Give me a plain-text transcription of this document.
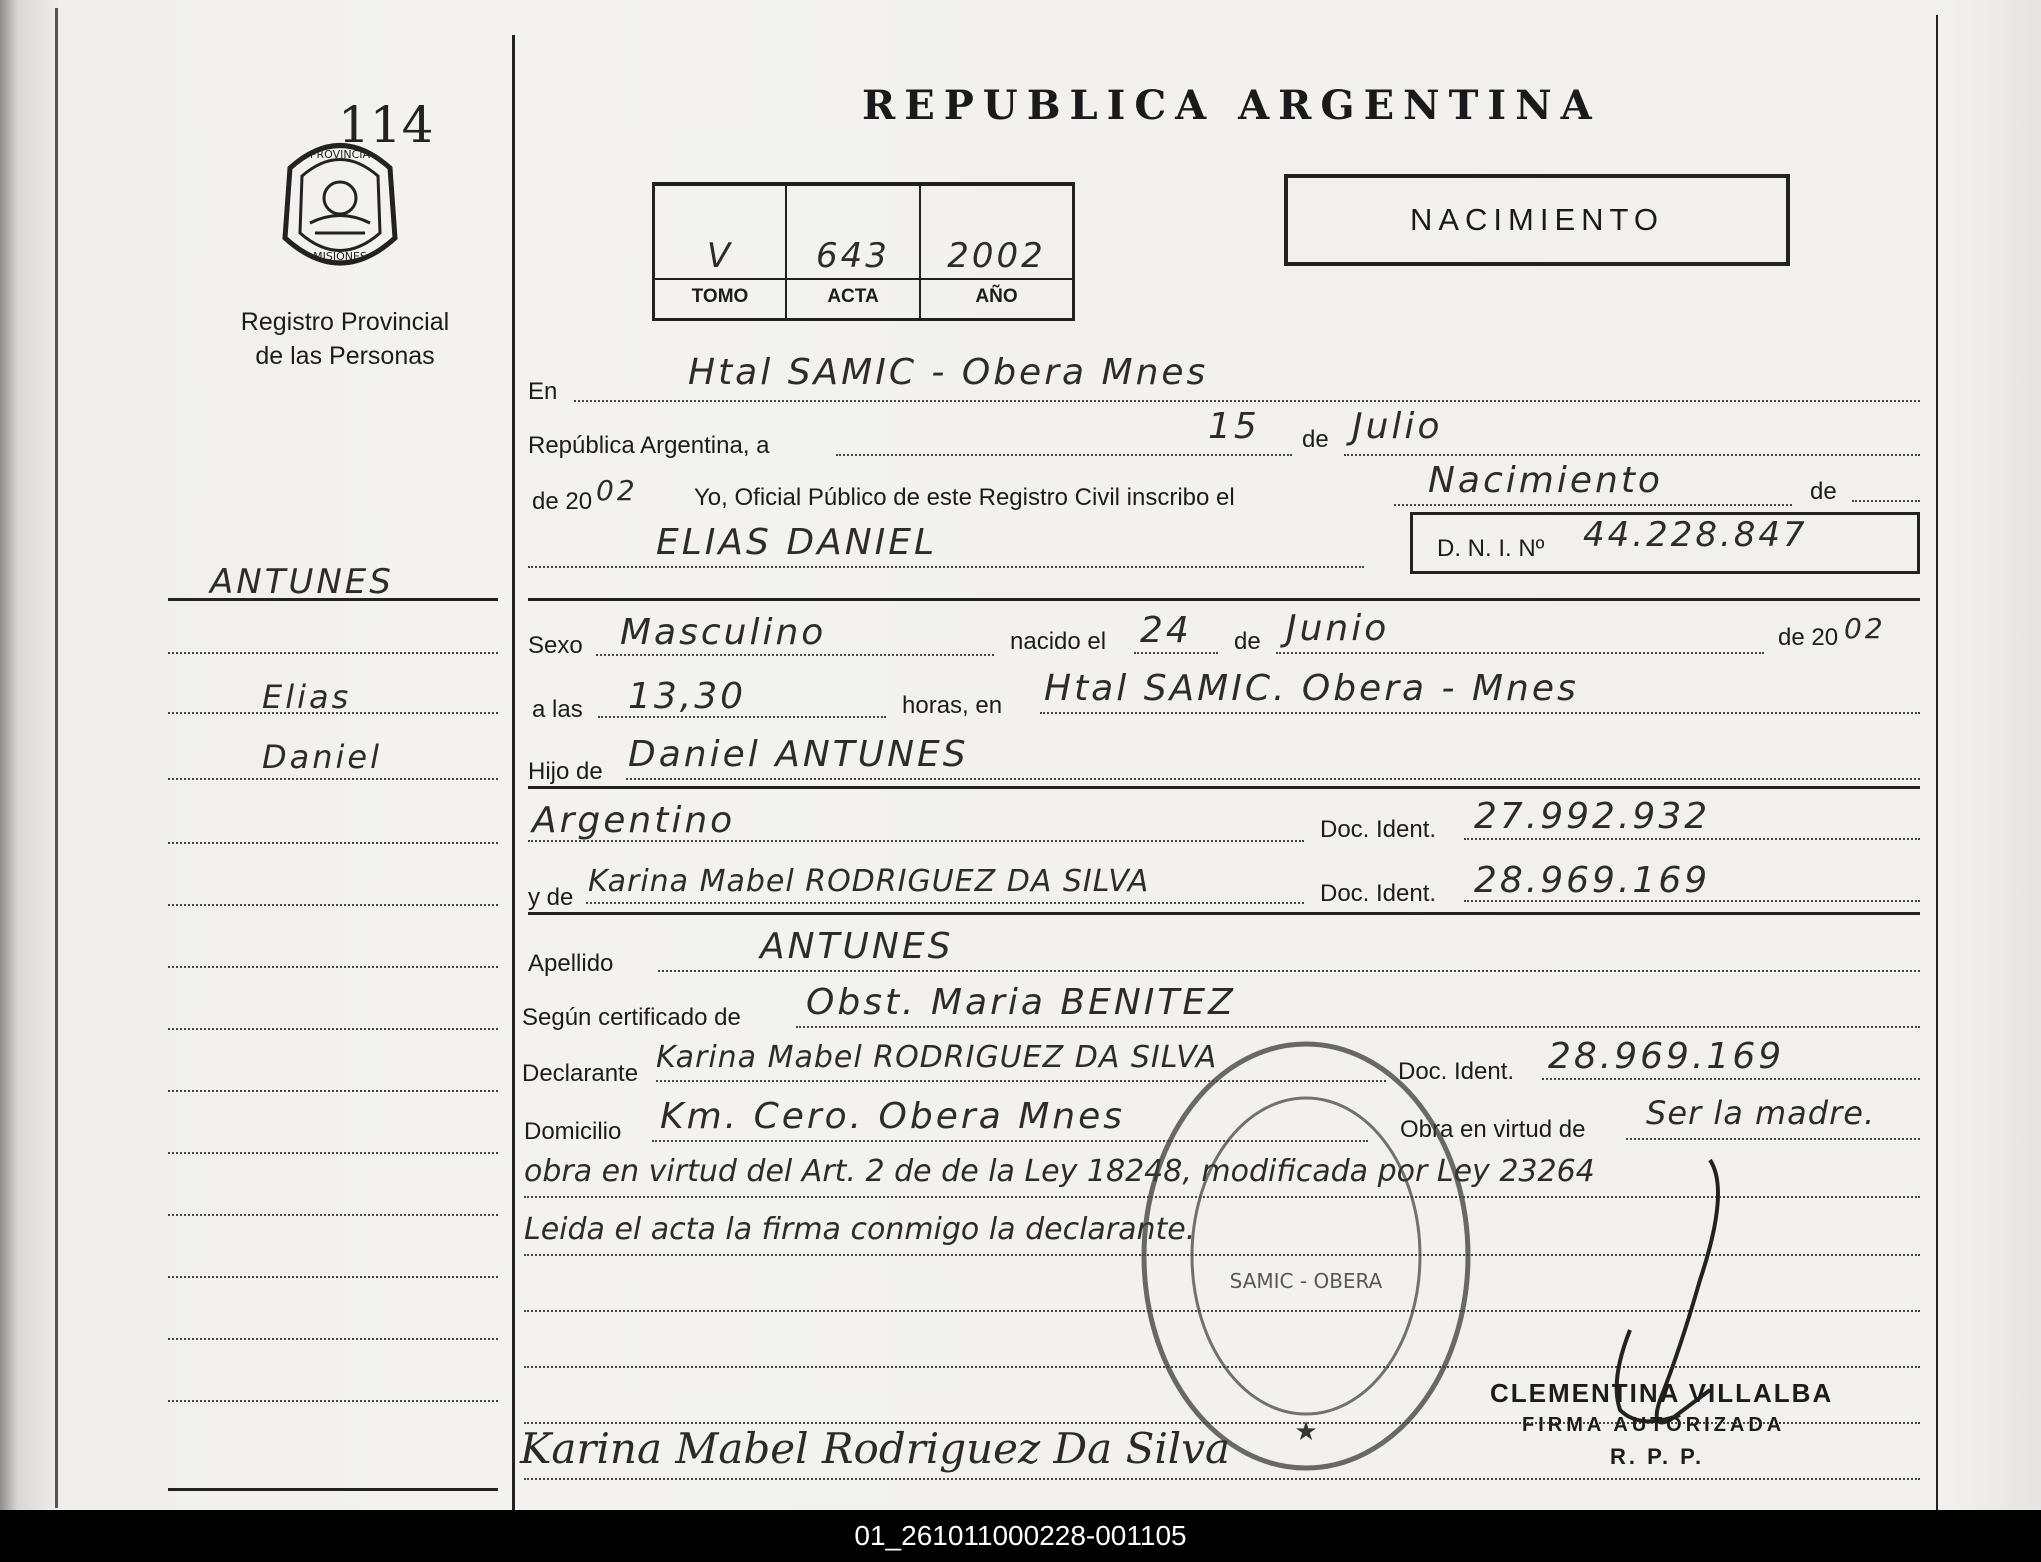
114
PROVINCIA
MISIONES
Registro Provincial
de las Personas
REPUBLICA ARGENTINA
V	643	2002
TOMO	ACTA	AÑO
NACIMIENTO
ANTUNES
Elias
Daniel
En	Htal SAMIC - Obera Mnes
República Argentina, a	15 de Julio
de 20 02 Yo, Oficial Público de este Registro Civil inscribo el	Nacimiento	de
ELIAS DANIEL	D. N. I. Nº 44.228.847
Sexo Masculino	nacido el 24 de Junio	de 20 02
a las 13,30	horas, en Htal SAMIC. Obera - Mnes
Hijo de Daniel ANTUNES
Argentino	Doc. Ident. 27.992.932
y de Karina Mabel RODRIGUEZ DA SILVA	Doc. Ident. 28.969.169
Apellido	ANTUNES
Según certificado de Obst. Maria BENITEZ
Declarante Karina Mabel RODRIGUEZ DA SILVA	Doc. Ident. 28.969.169
Domicilio Km. Cero. Obera Mnes	Obra en virtud de Ser la madre.
obra en virtud del Art. 2 de de la Ley 18248, modificada por Ley 23264
Leida el acta la firma conmigo la declarante.
SAMIC - OBERA
★
Karina Mabel Rodriguez Da Silva
CLEMENTINA VILLALBA
FIRMA AUTORIZADA
R. P. P.
01_261011000228-001105
